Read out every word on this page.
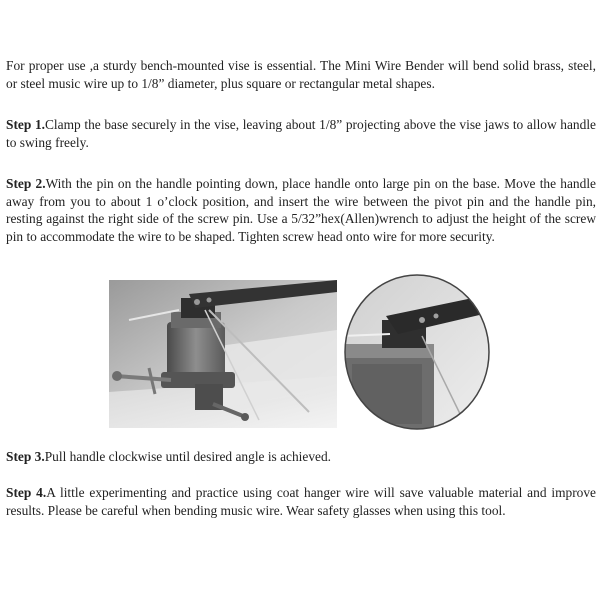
For proper use ,a sturdy bench-mounted vise is essential. The Mini Wire Bender will bend solid brass, steel, or steel music wire up to 1/8” diameter, plus square or rectangular metal shapes.

Step 1.Clamp the base securely in the vise, leaving about 1/8” projecting above the vise jaws to allow handle to swing freely.

Step 2.With the pin on the handle pointing down, place handle onto large pin on the base. Move the handle away from you to about 1 o’clock position, and insert the wire between the pivot pin and the handle pin, resting against the right side of the screw pin. Use a 5/32”hex(Allen)wrench to adjust the height of the screw pin to accommodate the wire to be shaped. Tighten screw head onto wire for more security.

Step 3.Pull handle clockwise until desired angle is achieved.

Step 4.A little experimenting and practice using coat hanger wire will save valuable material and improve results. Please be careful when bending music wire. Wear safety glasses when using this tool.
